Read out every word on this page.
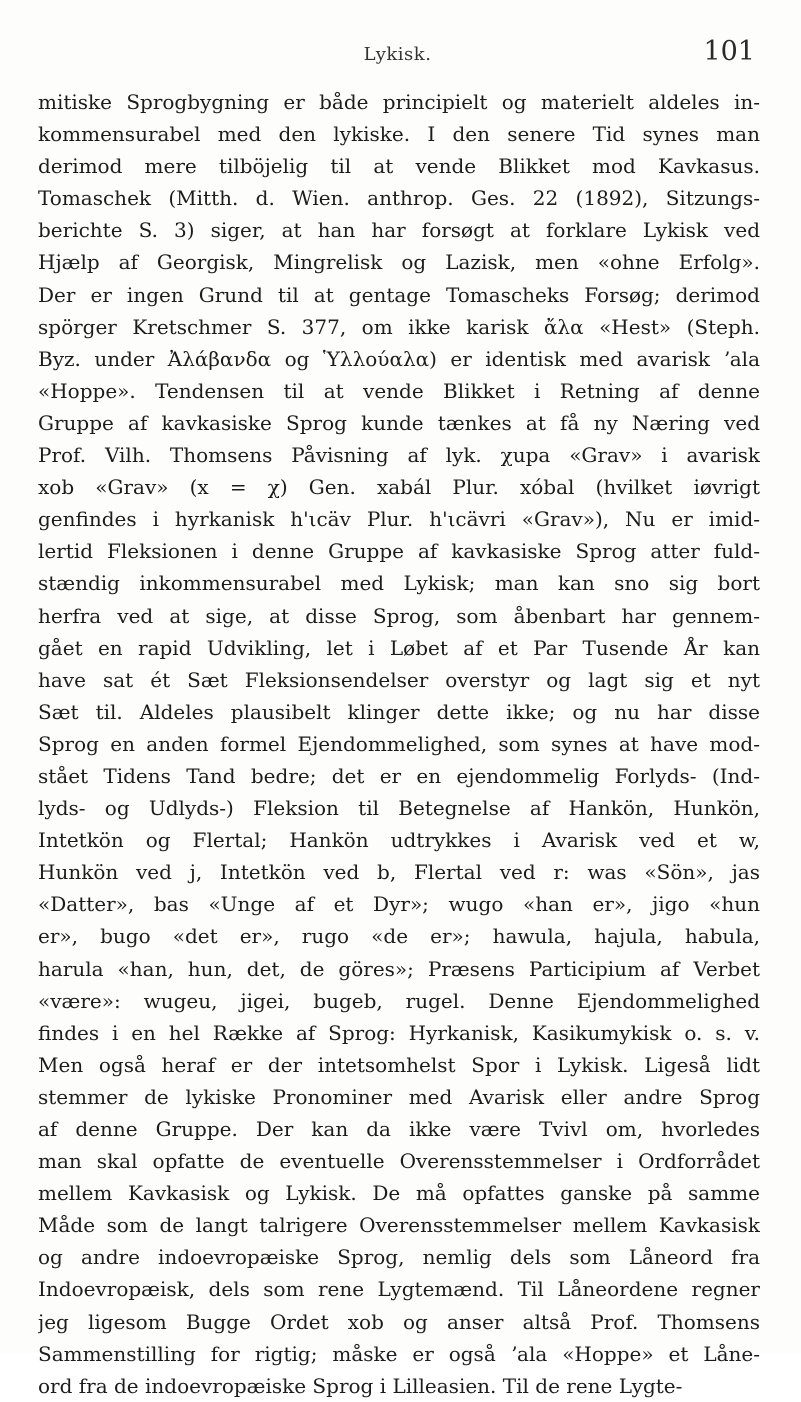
Lykisk.	101
mitiske Sprogbygning er både principielt og materielt aldeles in-
kommensurabel med den lykiske. I den senere Tid synes man
derimod mere tilböjelig til at vende Blikket mod Kavkasus.
Tomaschek (Mitth. d. Wien. anthrop. Ges. 22 (1892), Sitzungs-
berichte S. 3) siger, at han har forsøgt at forklare Lykisk ved
Hjælp af Georgisk, Mingrelisk og Lazisk, men «ohne Erfolg».
Der er ingen Grund til at gentage Tomascheks Forsøg; derimod
spörger Kretschmer S. 377, om ikke karisk ἄλα «Hest» (Steph.
Byz. under Ἀλάβανδα og Ὑλλούαλα) er identisk med avarisk ʼala
«Hoppe». Tendensen til at vende Blikket i Retning af denne
Gruppe af kavkasiske Sprog kunde tænkes at få ny Næring ved
Prof. Vilh. Thomsens Påvisning af lyk. χupa «Grav» i avarisk
xob «Grav» (x = χ) Gen. xabál Plur. xóbal (hvilket iøvrigt
genfindes i hyrkanisk h'ιcäv Plur. h'ιcävri «Grav»), Nu er imid-
lertid Fleksionen i denne Gruppe af kavkasiske Sprog atter fuld-
stændig inkommensurabel med Lykisk; man kan sno sig bort
herfra ved at sige, at disse Sprog, som åbenbart har gennem-
gået en rapid Udvikling, let i Løbet af et Par Tusende År kan
have sat ét Sæt Fleksionsendelser overstyr og lagt sig et nyt
Sæt til. Aldeles plausibelt klinger dette ikke; og nu har disse
Sprog en anden formel Ejendommelighed, som synes at have mod-
stået Tidens Tand bedre; det er en ejendommelig Forlyds- (Ind-
lyds- og Udlyds-) Fleksion til Betegnelse af Hankön, Hunkön,
Intetkön og Flertal; Hankön udtrykkes i Avarisk ved et w,
Hunkön ved j, Intetkön ved b, Flertal ved r: was «Sön», jas
«Datter», bas «Unge af et Dyr»; wugo «han er», jigo «hun
er», bugo «det er», rugo «de er»; hawula, hajula, habula,
harula «han, hun, det, de göres»; Præsens Participium af Verbet
«være»: wugeu, jigei, bugeb, rugel. Denne Ejendommelighed
findes i en hel Række af Sprog: Hyrkanisk, Kasikumykisk o. s. v.
Men også heraf er der intetsomhelst Spor i Lykisk. Ligeså lidt
stemmer de lykiske Pronominer med Avarisk eller andre Sprog
af denne Gruppe. Der kan da ikke være Tvivl om, hvorledes
man skal opfatte de eventuelle Overensstemmelser i Ordforrådet
mellem Kavkasisk og Lykisk. De må opfattes ganske på samme
Måde som de langt talrigere Overensstemmelser mellem Kavkasisk
og andre indoevropæiske Sprog, nemlig dels som Låneord fra
Indoevropæisk, dels som rene Lygtemænd. Til Låneordene regner
jeg ligesom Bugge Ordet xob og anser altså Prof. Thomsens
Sammenstilling for rigtig; måske er også ʼala «Hoppe» et Låne-
ord fra de indoevropæiske Sprog i Lilleasien. Til de rene Lygte-
